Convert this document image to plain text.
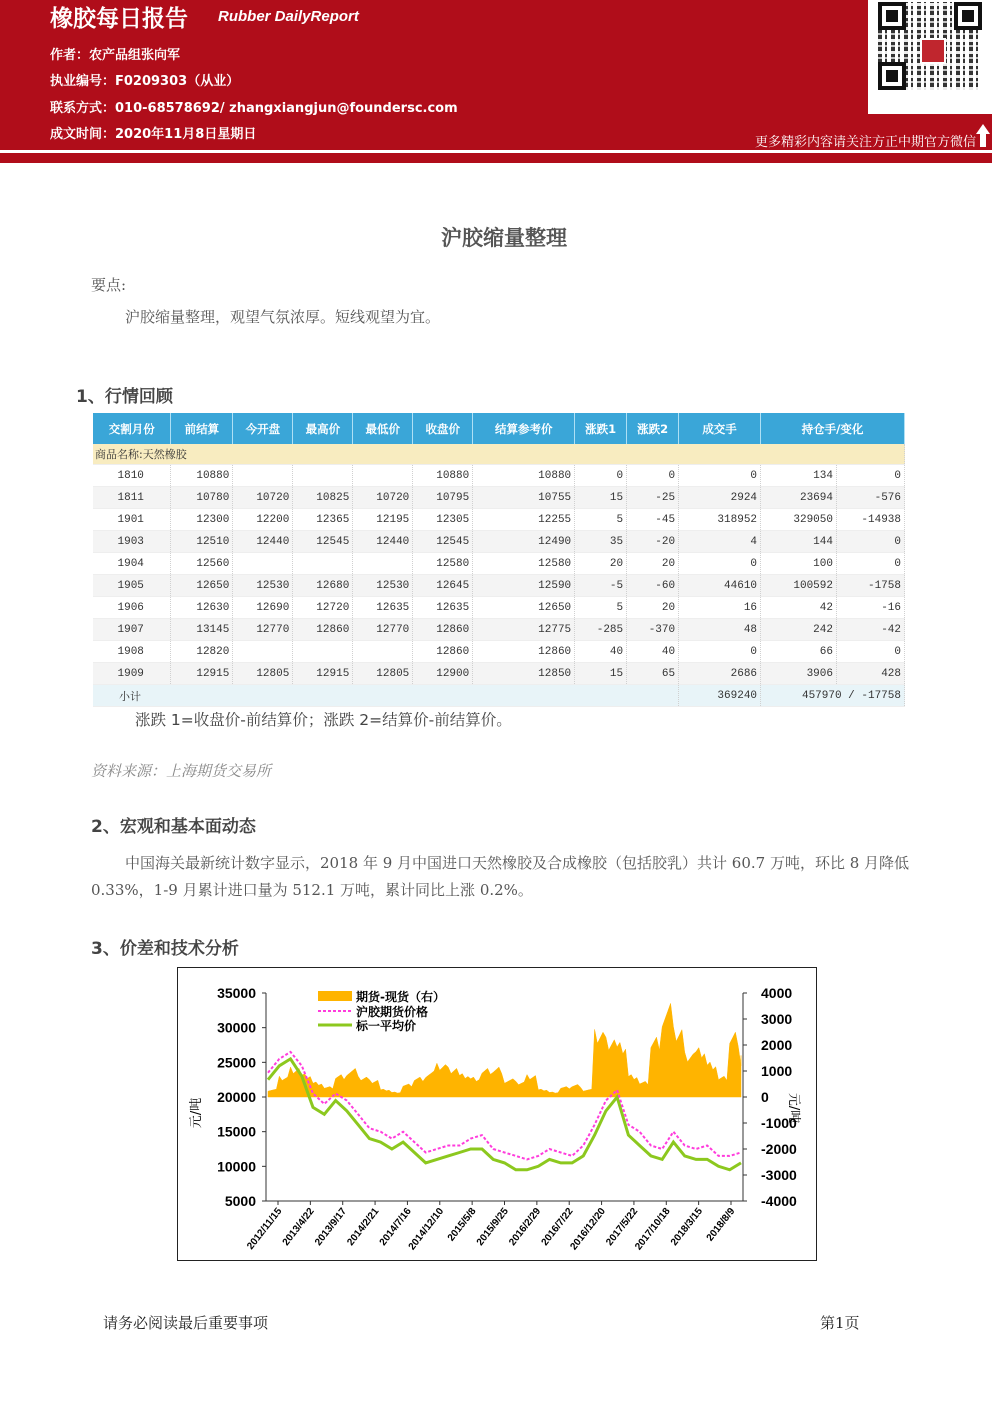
橡胶每日报告 Rubber DailyReport
作者：农产品组张向军
执业编号：F0209303（从业）
联系方式：010-68578692/ zhangxiangjun@foundersc.com
成文时间：2020年11月8日星期日
更多精彩内容请关注方正中期官方微信
沪胶缩量整理
要点:
沪胶缩量整理，观望气氛浓厚。短线观望为宜。
1、行情回顾
交割月份	前结算	今开盘	最高价	最低价	收盘价	结算参考价	涨跌1	涨跌2	成交手	持仓手/变化	
商品名称:天然橡胶											
1810	10880				10880	10880	0	0	0	134	0
1811	10780	10720	10825	10720	10795	10755	15	-25	2924	23694	-576
1901	12300	12200	12365	12195	12305	12255	5	-45	318952	329050	-14938
1903	12510	12440	12545	12440	12545	12490	35	-20	4	144	0
1904	12560				12580	12580	20	20	0	100	0
1905	12650	12530	12680	12530	12645	12590	-5	-60	44610	100592	-1758
1906	12630	12690	12720	12635	12635	12650	5	20	16	42	-16
1907	13145	12770	12860	12770	12860	12775	-285	-370	48	242	-42
1908	12820				12860	12860	40	40	0	66	0
1909	12915	12805	12915	12805	12900	12850	15	65	2686	3906	428
小计									369240	457970 / -17758	
涨跌 1=收盘价-前结算价；涨跌 2=结算价-前结算价。
资料来源：上海期货交易所
2、宏观和基本面动态
中国海关最新统计数字显示，2018 年 9 月中国进口天然橡胶及合成橡胶（包括胶乳）共计 60.7 万吨，环比 8 月降低 0.33%，1-9 月累计进口量为 512.1 万吨，累计同比上涨 0.2%。
3、价差和技术分析
35000
30000
25000
20000
15000
10000
5000
4000
3000
2000
1000
0
-1000
-2000
-3000
-4000
元/吨	元/吨
2012/11/15
2013/4/22
2013/9/17
2014/2/21
2014/7/16
2014/12/10 2015/5/8
2015/9/25
2016/2/29
2016/7/22
2016/12/20
2017/5/22
2017/10/18
2018/3/15 2018/8/9
期货-现货（右）
沪胶期货价格
标一平均价
请务必阅读最后重要事项	第1页
